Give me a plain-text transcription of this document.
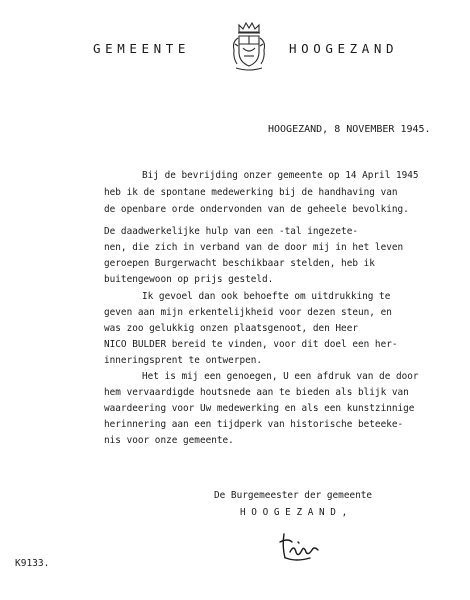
GEMEENTE	HOOGEZAND
HOOGEZAND, 8 NOVEMBER 1945.
Bij de bevrijding onzer gemeente op 14 April 1945
heb ik de spontane medewerking bij de handhaving van
de openbare orde ondervonden van de geheele bevolking.
De daadwerkelijke hulp van een -tal ingezete-
nen, die zich in verband van de door mij in het leven
geroepen Burgerwacht beschikbaar stelden, heb ik
buitengewoon op prijs gesteld.
Ik gevoel dan ook behoefte om uitdrukking te
geven aan mijn erkentelijkheid voor dezen steun, en
was zoo gelukkig onzen plaatsgenoot, den Heer
NICO BULDER bereid te vinden, voor dit doel een her-
inneringsprent te ontwerpen.
Het is mij een genoegen, U een afdruk van de door
hem vervaardigde houtsnede aan te bieden als blijk van
waardeering voor Uw medewerking en als een kunstzinnige
herinnering aan een tijdperk van historische beteeke-
nis voor onze gemeente.
De Burgemeester der gemeente
H O O G E Z A N D ,
K9133.
